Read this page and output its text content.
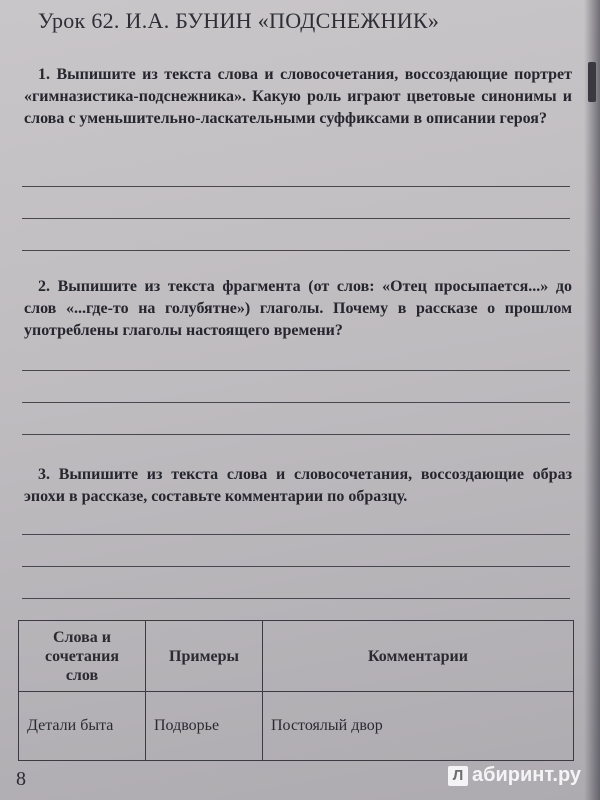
Урок 62. И.А. БУНИН «ПОДСНЕЖНИК»
1. Выпишите из текста слова и словосочетания, воссоздающие портрет «гимназистика-подснежника». Какую роль играют цветовые синонимы и слова с уменьшительно-ласкательными суффиксами в описании героя?
2. Выпишите из текста фрагмента (от слов: «Отец просыпается...» до слов «...где-то на голубятне») глаголы. Почему в рассказе о прошлом употреблены глаголы настоящего времени?
3. Выпишите из текста слова и словосочетания, воссоздающие образ эпохи в рассказе, составьте комментарии по образцу.
Слова и сочетания слов	Примеры	Комментарии
Детали быта	Подворье	Постоялый двор
8	Л абиринт.ру
